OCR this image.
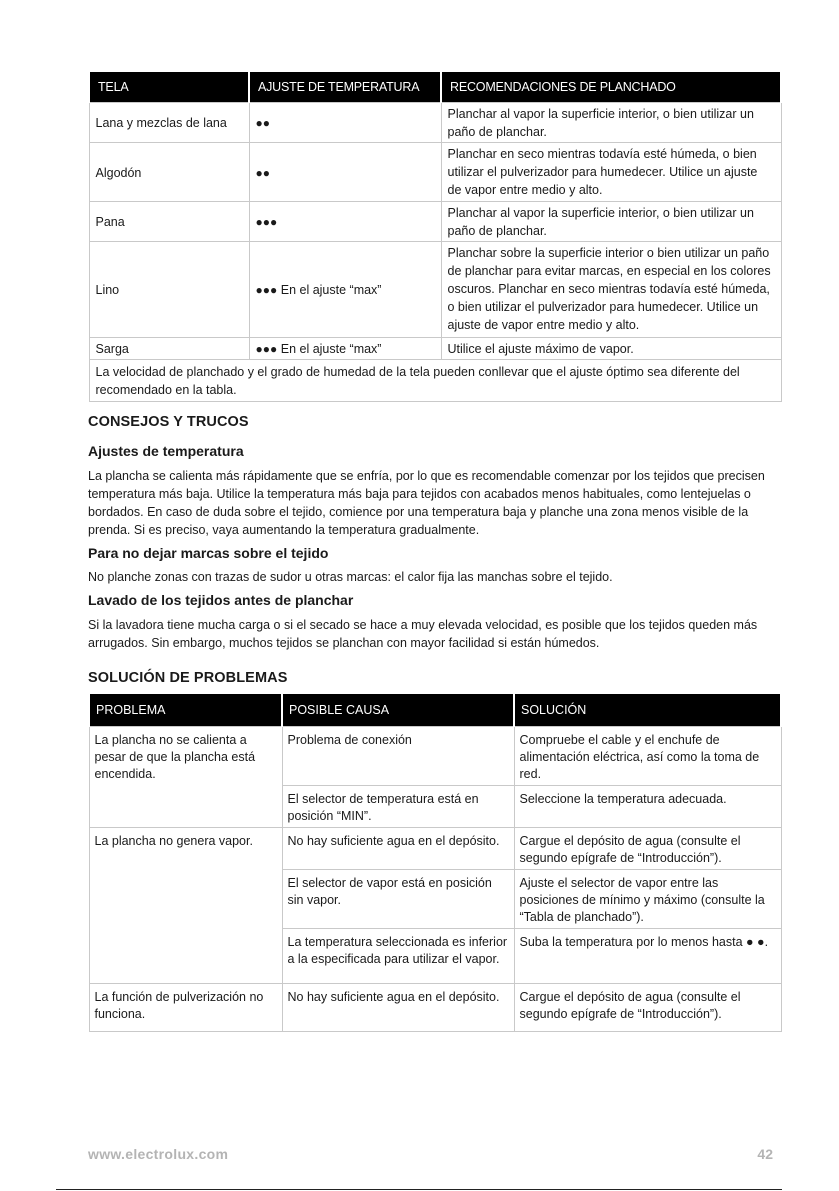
TELA	AJUSTE DE TEMPERATURA	RECOMENDACIONES DE PLANCHADO
Lana y mezclas de lana	●●	Planchar al vapor la superficie interior, o bien utilizar un paño de planchar.
Algodón	●●	Planchar en seco mientras todavía esté húmeda, o bien utilizar el pulverizador para humedecer. Utilice un ajuste de vapor entre medio y alto.
Pana	●●●	Planchar al vapor la superficie interior, o bien utilizar un paño de planchar.
Lino	●●● En el ajuste “max”	Planchar sobre la superficie interior o bien utilizar un paño de planchar para evitar marcas, en especial en los colores oscuros. Planchar en seco mientras todavía esté húmeda, o bien utilizar el pulverizador para humedecer. Utilice un ajuste de vapor entre medio y alto.
Sarga	●●● En el ajuste “max”	Utilice el ajuste máximo de vapor.
La velocidad de planchado y el grado de humedad de la tela pueden conllevar que el ajuste óptimo sea diferente del recomendado en la tabla.		
CONSEJOS Y TRUCOS
Ajustes de temperatura

La plancha se calienta más rápidamente que se enfría, por lo que es recomendable comenzar por los tejidos que precisen temperatura más baja. Utilice la temperatura más baja para tejidos con acabados menos habituales, como lentejuelas o bordados. En caso de duda sobre el tejido, comience por una temperatura baja y planche una zona menos visible de la prenda. Si es preciso, vaya aumentando la temperatura gradualmente.

Para no dejar marcas sobre el tejido

No planche zonas con trazas de sudor u otras marcas: el calor fija las manchas sobre el tejido.

Lavado de los tejidos antes de planchar

Si la lavadora tiene mucha carga o si el secado se hace a muy elevada velocidad, es posible que los tejidos queden más arrugados. Sin embargo, muchos tejidos se planchan con mayor facilidad si están húmedos.

SOLUCIÓN DE PROBLEMAS
PROBLEMA	POSIBLE CAUSA	SOLUCIÓN
La plancha no se calienta a pesar de que la plancha está encendida.	Problema de conexión	Compruebe el cable y el enchufe de alimentación eléctrica, así como la toma de red.
	El selector de temperatura está en posición “MIN”.	Seleccione la temperatura adecuada.
La plancha no genera vapor.	No hay suficiente agua en el depósito.	Cargue el depósito de agua (consulte el segundo epígrafe de “Introducción”).
	El selector de vapor está en posición sin vapor.	Ajuste el selector de vapor entre las posiciones de mínimo y máximo (consulte la “Tabla de planchado”).
	La temperatura seleccionada es inferior a la especificada para utilizar el vapor.	Suba la temperatura por lo menos hasta ● ●.
La función de pulverización no funciona.	No hay suficiente agua en el depósito.	Cargue el depósito de agua (consulte el segundo epígrafe de “Introducción”).
www.electrolux.com	42
